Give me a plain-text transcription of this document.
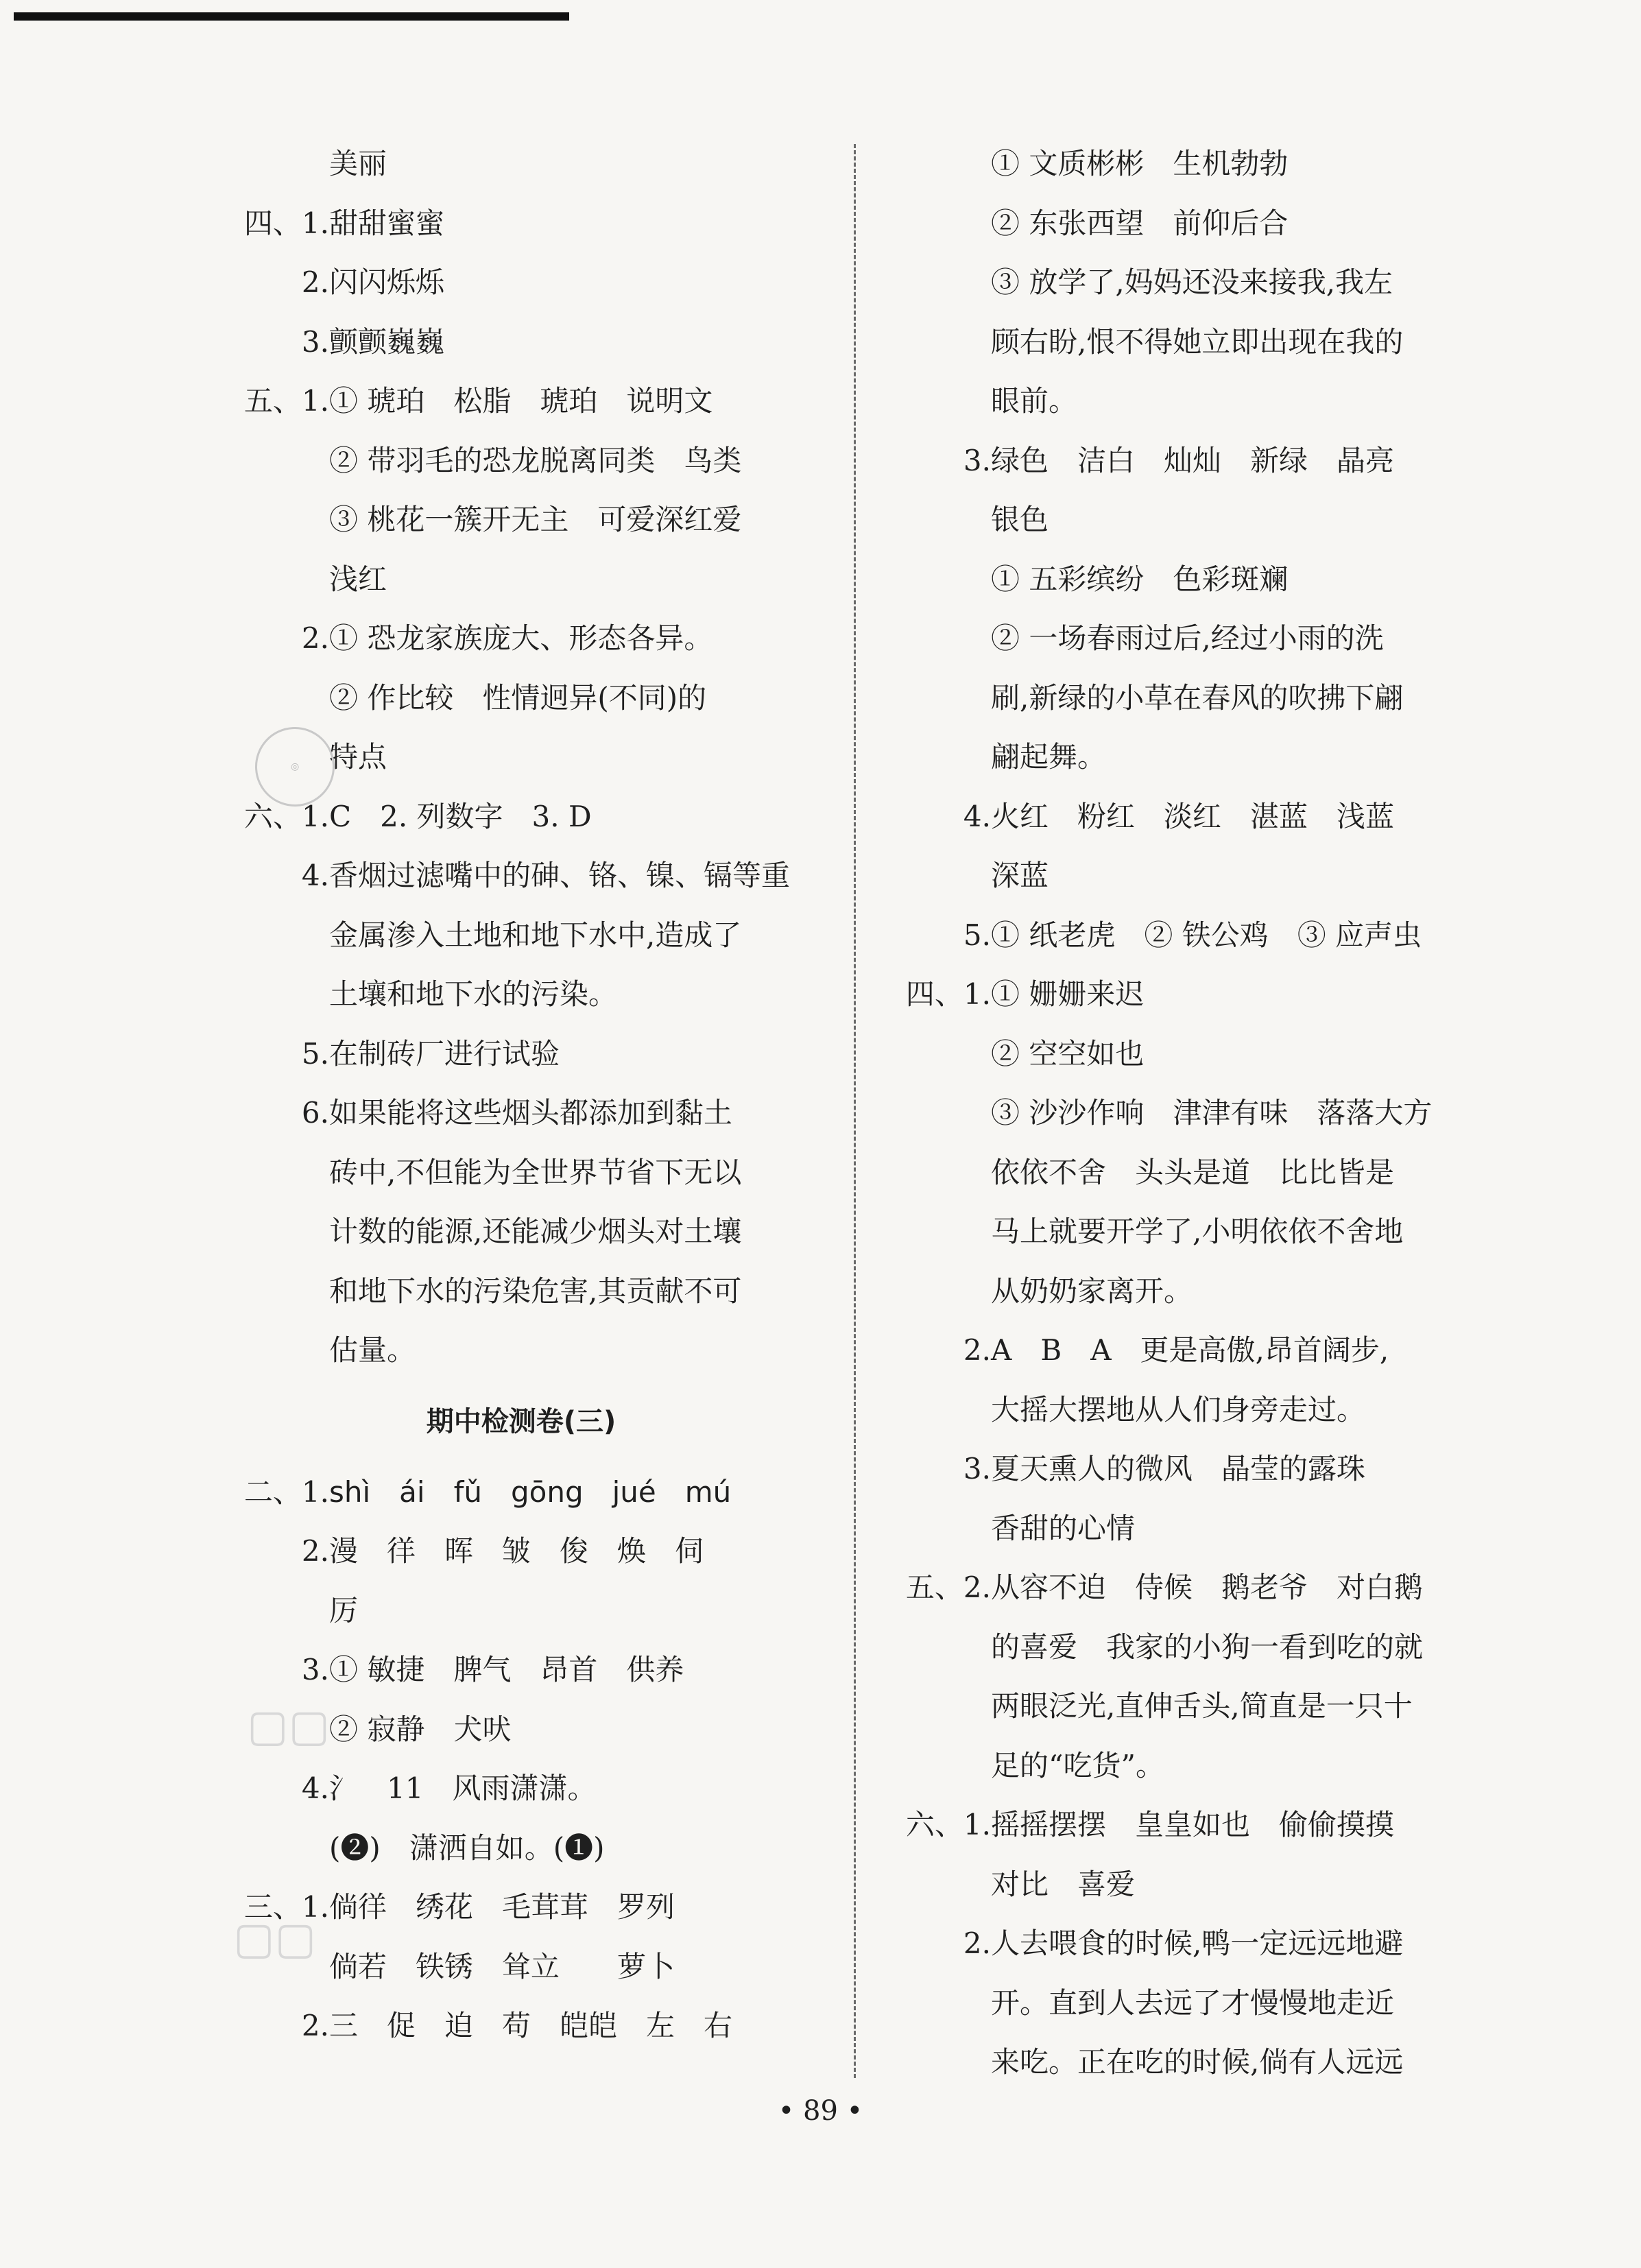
美丽
四、1. 甜甜蜜蜜
2. 闪闪烁烁
3. 颤颤巍巍
五、1. ① 琥珀　松脂　琥珀　说明文
② 带羽毛的恐龙脱离同类　鸟类
③ 桃花一簇开无主　可爱深红爱
浅红
2. ① 恐龙家族庞大、形态各异。
② 作比较　性情迥异(不同)的
特点
六、1. C　2. 列数字　3. D
4. 香烟过滤嘴中的砷、铬、镍、镉等重
金属渗入土地和地下水中,造成了
土壤和地下水的污染。
5. 在制砖厂进行试验
6. 如果能将这些烟头都添加到黏土
砖中,不但能为全世界节省下无以
计数的能源,还能减少烟头对土壤
和地下水的污染危害,其贡献不可
估量。
期中检测卷(三)
二、1. shì　ái　fǔ　gōng　jué　mú
2. 漫　徉　晖　皱　俊　焕　伺
厉
3. ① 敏捷　脾气　昂首　供养
② 寂静　犬吠
4. 氵　11　风雨潇潇。
(❷)　潇洒自如。(❶)
三、1. 倘徉　绣花　毛茸茸　罗列
倘若　铁锈　耸立　　萝卜
2. 三　促　迫　苟　皑皑　左　右
① 文质彬彬　生机勃勃
② 东张西望　前仰后合
③ 放学了,妈妈还没来接我,我左
顾右盼,恨不得她立即出现在我的
眼前。
3. 绿色　洁白　灿灿　新绿　晶亮
银色
① 五彩缤纷　色彩斑斓
② 一场春雨过后,经过小雨的洗
刷,新绿的小草在春风的吹拂下翩
翩起舞。
4. 火红　粉红　淡红　湛蓝　浅蓝
深蓝
5. ① 纸老虎　② 铁公鸡　③ 应声虫
四、1. ① 姗姗来迟
② 空空如也
③ 沙沙作响　津津有味　落落大方
依依不舍　头头是道　比比皆是
马上就要开学了,小明依依不舍地
从奶奶家离开。
2. A　B　A　更是高傲,昂首阔步,
大摇大摆地从人们身旁走过。
3. 夏天熏人的微风　晶莹的露珠
香甜的心情
五、2. 从容不迫　侍候　鹅老爷　对白鹅
的喜爱　我家的小狗一看到吃的就
两眼泛光,直伸舌头,简直是一只十
足的“吃货”。
六、1. 摇摇摆摆　皇皇如也　偷偷摸摸
对比　喜爱
2. 人去喂食的时候,鸭一定远远地避
开。直到人去远了才慢慢地走近
来吃。正在吃的时候,倘有人远远
◎
▢▢
▢▢
• 89 •
